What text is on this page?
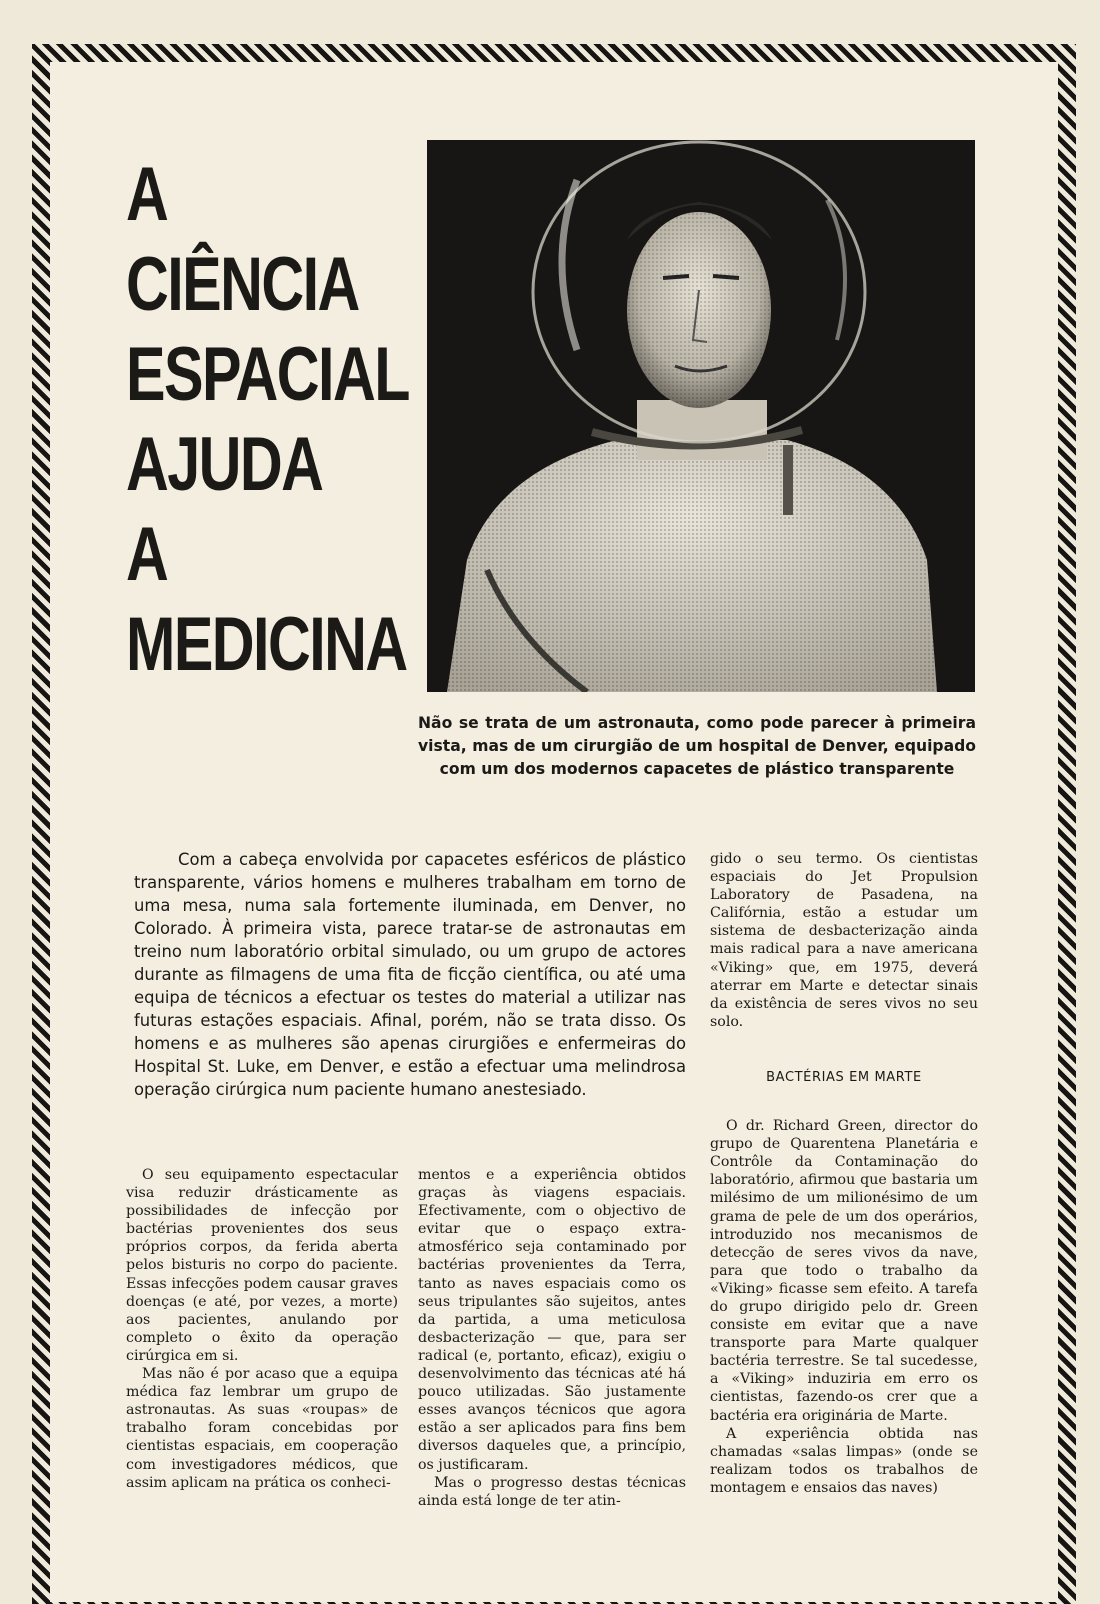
A
CIÊNCIA
ESPACIAL
AJUDA
A
MEDICINA
Não se trata de um astronauta, como pode parecer à primeira vista, mas de um cirurgião de um hospital de Denver, equipado com um dos modernos capacetes de plástico transparente

Com a cabeça envolvida por capacetes esféricos de plástico transparente, vários homens e mulheres trabalham em torno de uma mesa, numa sala fortemente iluminada, em Denver, no Colorado. À primeira vista, parece tratar-se de astronautas em treino num laboratório orbital simulado, ou um grupo de actores durante as filmagens de uma fita de ficção científica, ou até uma equipa de técnicos a efectuar os testes do material a utilizar nas futuras estações espaciais. Afinal, porém, não se trata disso. Os homens e as mulheres são apenas cirurgiões e enfermeiras do Hospital St. Luke, em Denver, e estão a efectuar uma melindrosa operação cirúrgica num paciente humano anestesiado.

O seu equipamento espectacular visa reduzir drásticamente as possibilidades de infecção por bactérias provenientes dos seus próprios corpos, da ferida aberta pelos bisturis no corpo do paciente. Essas infecções podem causar graves doenças (e até, por vezes, a morte) aos pacientes, anulando por completo o êxito da operação cirúrgica em si.

Mas não é por acaso que a equipa médica faz lembrar um grupo de astronautas. As suas «roupas» de trabalho foram concebidas por cientistas espaciais, em cooperação com investigadores médicos, que assim aplicam na prática os conheci-

mentos e a experiência obtidos graças às viagens espaciais. Efectivamente, com o objectivo de evitar que o espaço extra-atmosférico seja contaminado por bactérias provenientes da Terra, tanto as naves espaciais como os seus tripulantes são sujeitos, antes da partida, a uma meticulosa desbacterização — que, para ser radical (e, portanto, eficaz), exigiu o desenvolvimento das técnicas até há pouco utilizadas. São justamente esses avanços técnicos que agora estão a ser aplicados para fins bem diversos daqueles que, a princípio, os justificaram.

Mas o progresso destas técnicas ainda está longe de ter atin-

gido o seu termo. Os cientistas espaciais do Jet Propulsion Laboratory de Pasadena, na Califórnia, estão a estudar um sistema de desbacterização ainda mais radical para a nave americana «Viking» que, em 1975, deverá aterrar em Marte e detectar sinais da existência de seres vivos no seu solo.

BACTÉRIAS EM MARTE

O dr. Richard Green, director do grupo de Quarentena Planetária e Contrôle da Contaminação do laboratório, afirmou que bastaria um milésimo de um milionésimo de um grama de pele de um dos operários, introduzido nos mecanismos de detecção de seres vivos da nave, para que todo o trabalho da «Viking» ficasse sem efeito. A tarefa do grupo dirigido pelo dr. Green consiste em evitar que a nave transporte para Marte qualquer bactéria terrestre. Se tal sucedesse, a «Viking» induziria em erro os cientistas, fazendo-os crer que a bactéria era originária de Marte.

A experiência obtida nas chamadas «salas limpas» (onde se realizam todos os trabalhos de montagem e ensaios das naves)
